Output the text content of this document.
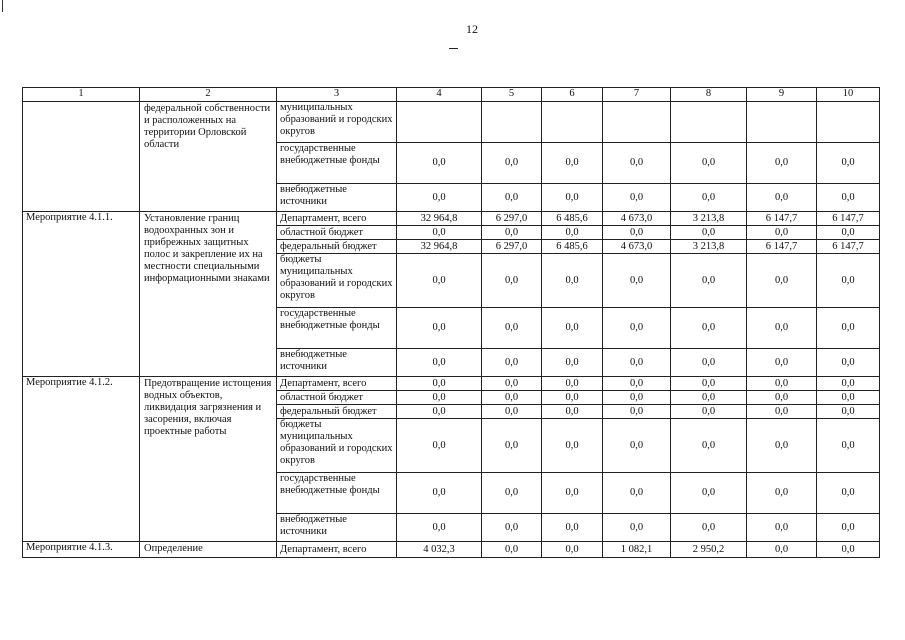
12
1	2	3	4	5	6	7	8	9	10
	федеральной собственности и расположенных на территории Орловской области	муниципальных образований и городских округов							
		государственные внебюджетные фонды	0,0	0,0	0,0	0,0	0,0	0,0	0,0
		внебюджетные источники	0,0	0,0	0,0	0,0	0,0	0,0	0,0
Мероприятие 4.1.1.	Установление границ водоохранных зон и прибрежных защитных полос и закрепление их на местности специальными информационными знаками	Департамент, всего	32 964,8	6 297,0	6 485,6	4 673,0	3 213,8	6 147,7	6 147,7
		областной бюджет	0,0	0,0	0,0	0,0	0,0	0,0	0,0
		федеральный бюджет	32 964,8	6 297,0	6 485,6	4 673,0	3 213,8	6 147,7	6 147,7
		бюджеты муниципальных образований и городских округов	0,0	0,0	0,0	0,0	0,0	0,0	0,0
		государственные внебюджетные фонды	0,0	0,0	0,0	0,0	0,0	0,0	0,0
		внебюджетные источники	0,0	0,0	0,0	0,0	0,0	0,0	0,0
Мероприятие 4.1.2.	Предотвращение истощения водных объектов, ликвидация загрязнения и засорения, включая проектные работы	Департамент, всего	0,0	0,0	0,0	0,0	0,0	0,0	0,0
		областной бюджет	0,0	0,0	0,0	0,0	0,0	0,0	0,0
		федеральный бюджет	0,0	0,0	0,0	0,0	0,0	0,0	0,0
		бюджеты муниципальных образований и городских округов	0,0	0,0	0,0	0,0	0,0	0,0	0,0
		государственные внебюджетные фонды	0,0	0,0	0,0	0,0	0,0	0,0	0,0
		внебюджетные источники	0,0	0,0	0,0	0,0	0,0	0,0	0,0
Мероприятие 4.1.3.	Определение	Департамент, всего	4 032,3	0,0	0,0	1 082,1	2 950,2	0,0	0,0
